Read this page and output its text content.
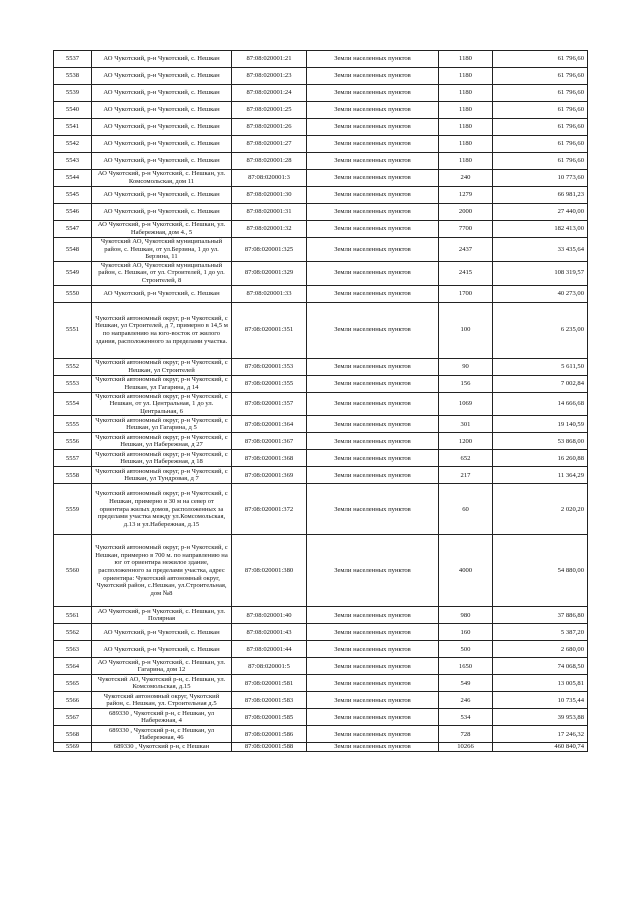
5537	АО Чукотский, р-н Чукотский, с. Нешкан	87:08:020001:21	Земли населенных пунктов	1180	61 796,60
5538	АО Чукотский, р-н Чукотский, с. Нешкан	87:08:020001:23	Земли населенных пунктов	1180	61 796,60
5539	АО Чукотский, р-н Чукотский, с. Нешкан	87:08:020001:24	Земли населенных пунктов	1180	61 796,60
5540	АО Чукотский, р-н Чукотский, с. Нешкан	87:08:020001:25	Земли населенных пунктов	1180	61 796,60
5541	АО Чукотский, р-н Чукотский, с. Нешкан	87:08:020001:26	Земли населенных пунктов	1180	61 796,60
5542	АО Чукотский, р-н Чукотский, с. Нешкан	87:08:020001:27	Земли населенных пунктов	1180	61 796,60
5543	АО Чукотский, р-н Чукотский, с. Нешкан	87:08:020001:28	Земли населенных пунктов	1180	61 796,60
5544	АО Чукотский, р-н Чукотский, с. Нешкан, ул. Комсомольская, дом 11	87:08:020001:3	Земли населенных пунктов	240	10 773,60
5545	АО Чукотский, р-н Чукотский, с. Нешкан	87:08:020001:30	Земли населенных пунктов	1279	66 981,23
5546	АО Чукотский, р-н Чукотский, с. Нешкан	87:08:020001:31	Земли населенных пунктов	2000	27 440,00
5547	АО Чукотский, р-н Чукотский, с. Нешкан, ул. Набережная, дом 4., 5	87:08:020001:32	Земли населенных пунктов	7700	182 413,00
5548	Чукотский АО, Чукотский муниципальный район, с. Нешкан, от ул.Берзина, 1 до ул. Берзина, 11	87:08:020001:325	Земли населенных пунктов	2437	33 435,64
5549	Чукотский АО, Чукотский муниципальный район, с. Нешкан, от ул. Строителей, 1 до ул. Строителей, 8	87:08:020001:329	Земли населенных пунктов	2415	108 319,57
5550	АО Чукотский, р-н Чукотский, с. Нешкан	87:08:020001:33	Земли населенных пунктов	1700	40 273,00
5551	Чукотский автономный округ, р-н Чукотский, с Нешкан, ул Строителей, д 7, примерно в 14,5 м по направлению на юго-восток от жилого здания, расположенного за пределами участка.	87:08:020001:351	Земли населенных пунктов	100	6 235,00
5552	Чукотский автономный округ, р-н Чукотский, с Нешкан, ул Строителей	87:08:020001:353	Земли населенных пунктов	90	5 611,50
5553	Чукотский автономный округ, р-н Чукотский, с Нешкан, ул Гагарина, д 14	87:08:020001:355	Земли населенных пунктов	156	7 002,84
5554	Чукотский автономный округ, р-н Чукотский, с Нешкан, от ул. Центральная, 1 до ул. Центральная, 6	87:08:020001:357	Земли населенных пунктов	1069	14 666,68
5555	Чукотский автономный округ, р-н Чукотский, с Нешкан, ул Гагарина, д 5	87:08:020001:364	Земли населенных пунктов	301	19 140,59
5556	Чукотский автономный округ, р-н Чукотский, с Нешкан, ул Набережная, д 27	87:08:020001:367	Земли населенных пунктов	1200	53 868,00
5557	Чукотский автономный округ, р-н Чукотский, с Нешкан, ул Набережная, д 18	87:08:020001:368	Земли населенных пунктов	652	16 260,88
5558	Чукотский автономный округ, р-н Чукотский, с Нешкан, ул Тундровая, д 7	87:08:020001:369	Земли населенных пунктов	217	11 364,29
5559	Чукотский автономный округ, р-н Чукотский, с Нешкан, примерно в 30 м на север от ориентира жилых домов, расположенных за пределами участка между ул.Комсомольская, д.13 и ул.Набережная, д.15	87:08:020001:372	Земли населенных пунктов	60	2 020,20
5560	Чукотский автономный округ, р-н Чукотский, с Нешкан, примерно в 700 м. по направлению на юг от ориентира нежилое здание, расположенного за пределами участка, адрес ориентира: Чукотский автономный округ, Чукотский район, с.Нешкан, ул.Строительная, дом №8	87:08:020001:380	Земли населенных пунктов	4000	54 880,00
5561	АО Чукотский, р-н Чукотский, с. Нешкан, ул. Полярная	87:08:020001:40	Земли населенных пунктов	980	37 886,80
5562	АО Чукотский, р-н Чукотский, с. Нешкан	87:08:020001:43	Земли населенных пунктов	160	5 387,20
5563	АО Чукотский, р-н Чукотский, с. Нешкан	87:08:020001:44	Земли населенных пунктов	500	2 680,00
5564	АО Чукотский, р-н Чукотский, с. Нешкан, ул. Гагарина, дом 12	87:08:020001:5	Земли населенных пунктов	1650	74 068,50
5565	Чукотский АО, Чукотский р-н, с. Нешкан, ул. Комсомольская, д.15	87:08:020001:581	Земли населенных пунктов	549	13 005,81
5566	Чукотский автономный округ, Чукотский район, с. Нешкан, ул. Строительная д.5	87:08:020001:583	Земли населенных пунктов	246	10 735,44
5567	689330 , Чукотский р-н, с Нешкан, ул Набережная, 4	87:08:020001:585	Земли населенных пунктов	534	39 953,88
5568	689330 , Чукотский р-н, с Нешкан, ул Набережная, 46	87:08:020001:586	Земли населенных пунктов	728	17 246,32
5569	689330 , Чукотский р-н, с Нешкан	87:08:020001:588	Земли населенных пунктов	10266	460 840,74
